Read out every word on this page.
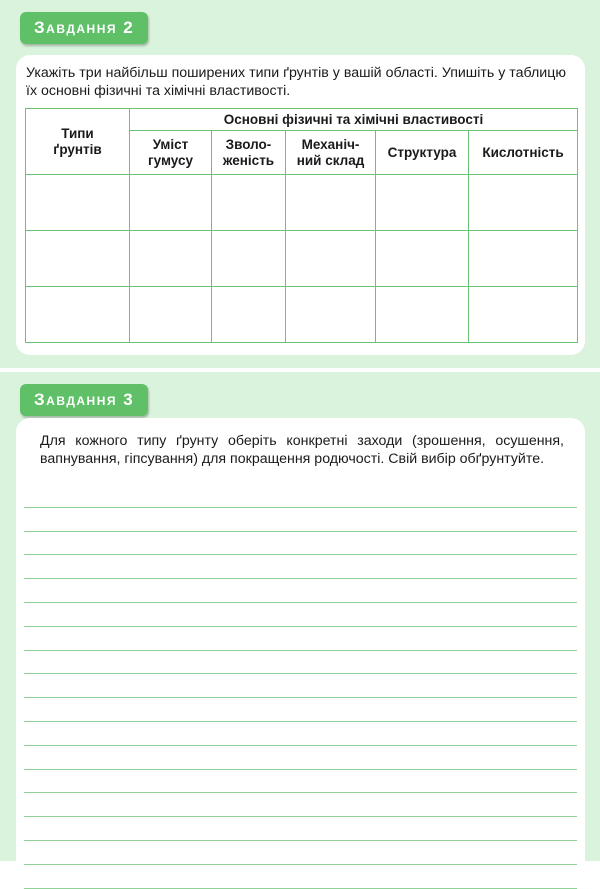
Завдання 2
Укажіть три найбільш поширених типи ґрунтів у вашій області. Упишіть у таблицю їх основні фізичні та хімічні властивості.
Типи ґрунтів	Основні фізичні та хімічні властивості				
	Уміст гумусу	Зволо-женість	Механіч-ний склад	Структура	Кислотність

Завдання 3
Для кожного типу ґрунту оберіть конкретні заходи (зрошення, осушення, вапнування, гіпсування) для покращення родючості. Свій вибір обґрунтуйте.
